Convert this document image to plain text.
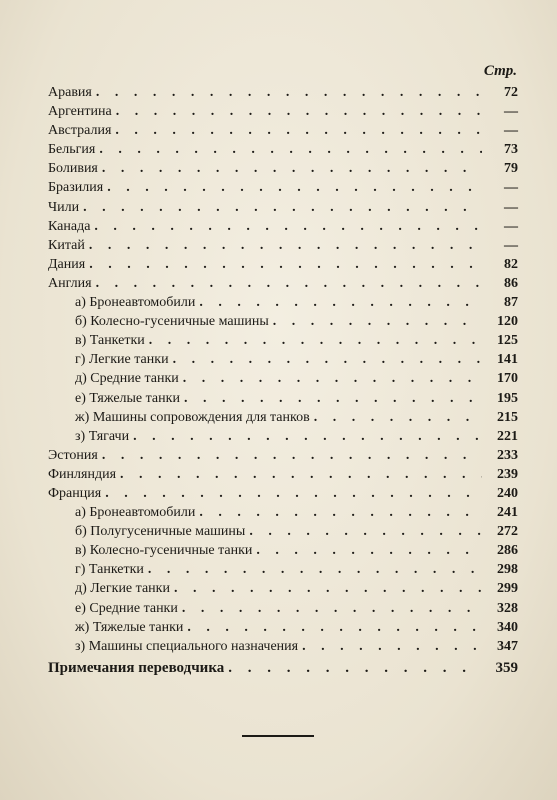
Стр.
Аравия . . .	72
Аргентина . . .	—
Австралия . . .	—
Бельгия . . .	73
Боливия . . .	79
Бразилия . . .	—
Чили . . .	—
Канада . . .	—
Китай . . .	—
Дания . . .	82
Англия . . .	86
а) Бронеавтомобили . . .	87
б) Колесно-гусеничные машины . . .	120
в) Танкетки . . .	125
г) Легкие танки . . .	141
д) Средние танки . . .	170
е) Тяжелые танки . . .	195
ж) Машины сопровождения для танков . . .	215
з) Тягачи . . .	221
Эстония . . .	233
Финляндия . . .	239
Франция . . .	240
а) Бронеавтомобили . . .	241
б) Полугусеничные машины . . .	272
в) Колесно-гусеничные танки . . .	286
г) Танкетки . . .	298
д) Легкие танки . . .	299
е) Средние танки . . .	328
ж) Тяжелые танки . . .	340
з) Машины специального назначения . . .	347
Примечания переводчика . . .	359
